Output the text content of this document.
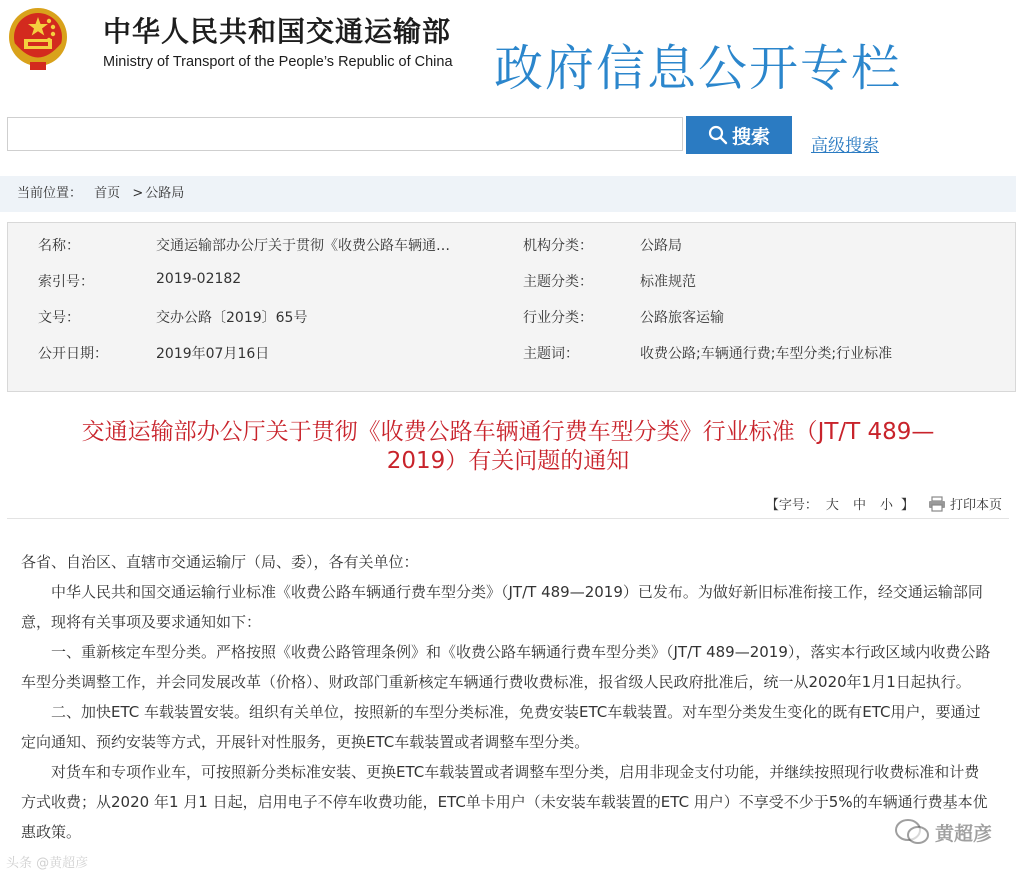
中华人民共和国交通运输部
Ministry of Transport of the People’s Republic of China 政府信息公开专栏
搜索 高级搜索
当前位置： 首页 > 公路局
名称：	交通运输部办公厅关于贯彻《收费公路车辆通…	机构分类：	公路局
索引号：	2019-02182	主题分类：	标准规范
文号：	交办公路〔2019〕65号	行业分类：	公路旅客运输
公开日期：	2019年07月16日	主题词：	收费公路;车辆通行费;车型分类;行业标准
交通运输部办公厅关于贯彻《收费公路车辆通行费车型分类》行业标准（JT/T 489—
2019）有关问题的通知
【字号： 大 中 小 】	打印本页

各省、自治区、直辖市交通运输厅（局、委），各有关单位：

中华人民共和国交通运输行业标准《收费公路车辆通行费车型分类》（JT/T 489—2019）已发布。为做好新旧标准衔接工作，经交通运输部同意，现将有关事项及要求通知如下：

一、重新核定车型分类。严格按照《收费公路管理条例》和《收费公路车辆通行费车型分类》（JT/T 489—2019），落实本行政区域内收费公路车型分类调整工作，并会同发展改革（价格）、财政部门重新核定车辆通行费收费标准，报省级人民政府批准后，统一从2020年1月1日起执行。

二、加快ETC 车载装置安装。组织有关单位，按照新的车型分类标准，免费安装ETC车载装置。对车型分类发生变化的既有ETC用户，要通过定向通知、预约安装等方式，开展针对性服务，更换ETC车载装置或者调整车型分类。

对货车和专项作业车，可按照新分类标准安装、更换ETC车载装置或者调整车型分类，启用非现金支付功能，并继续按照现行收费标准和计费方式收费；从2020 年1 月1 日起，启用电子不停车收费功能，ETC单卡用户（未安装车载装置的ETC 用户）不享受不少于5%的车辆通行费基本优惠政策。	黄超彦
头条 @黄超彦
